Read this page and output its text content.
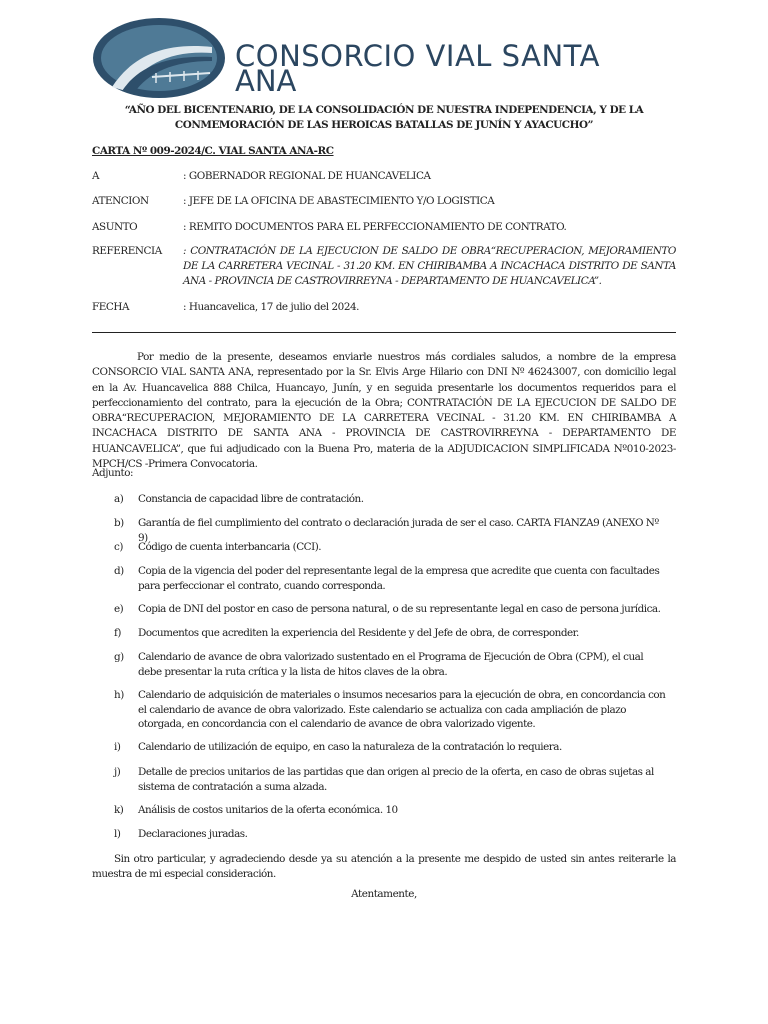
CONSORCIO VIAL SANTA
ANA
“AÑO DEL BICENTENARIO, DE LA CONSOLIDACIÓN DE NUESTRA INDEPENDENCIA, Y DE LA CONMEMORACIÓN DE LAS HEROICAS BATALLAS DE JUNÍN Y AYACUCHO”
CARTA Nº 009-2024/C. VIAL SANTA ANA-RC
A	: GOBERNADOR REGIONAL DE HUANCAVELICA
ATENCION	: JEFE DE LA OFICINA DE ABASTECIMIENTO Y/O LOGISTICA
ASUNTO	: REMITO DOCUMENTOS PARA EL PERFECCIONAMIENTO DE CONTRATO.
REFERENCIA : CONTRATACIÓN DE LA EJECUCION DE SALDO DE OBRA“RECUPERACION, MEJORAMIENTO DE LA CARRETERA VECINAL - 31.20 KM. EN CHIRIBAMBA A INCACHACA DISTRITO DE SANTA ANA - PROVINCIA DE CASTROVIRREYNA - DEPARTAMENTO DE HUANCAVELICA”.
FECHA	: Huancavelica, 17 de julio del 2024.
Por medio de la presente, deseamos enviarle nuestros más cordiales saludos, a nombre de la empresa CONSORCIO VIAL SANTA ANA, representado por la Sr. Elvis Arge Hilario con DNI Nº 46243007, con domicilio legal en la Av. Huancavelica 888 Chilca, Huancayo, Junín, y en seguida presentarle los documentos requeridos para el perfeccionamiento del contrato, para la ejecución de la Obra; CONTRATACIÓN DE LA EJECUCION DE SALDO DE OBRA“RECUPERACION, MEJORAMIENTO DE LA CARRETERA VECINAL - 31.20 KM. EN CHIRIBAMBA A INCACHACA DISTRITO DE SANTA ANA - PROVINCIA DE CASTROVIRREYNA - DEPARTAMENTO DE HUANCAVELICA”, que fui adjudicado con la Buena Pro, materia de la ADJUDICACION SIMPLIFICADA Nº010-2023-MPCH/CS -Primera Convocatoria.
Adjunto:
a) Constancia de capacidad libre de contratación.
b) Garantía de fiel cumplimiento del contrato o declaración jurada de ser el caso. CARTA FIANZA9 (ANEXO Nº 9)
c) Código de cuenta interbancaria (CCI).
d) Copia de la vigencia del poder del representante legal de la empresa que acredite que cuenta con facultades para perfeccionar el contrato, cuando corresponda.
e) Copia de DNI del postor en caso de persona natural, o de su representante legal en caso de persona jurídica.
f) Documentos que acrediten la experiencia del Residente y del Jefe de obra, de corresponder.
g) Calendario de avance de obra valorizado sustentado en el Programa de Ejecución de Obra (CPM), el cual debe presentar la ruta crítica y la lista de hitos claves de la obra.
h) Calendario de adquisición de materiales o insumos necesarios para la ejecución de obra, en concordancia con el calendario de avance de obra valorizado. Este calendario se actualiza con cada ampliación de plazo otorgada, en concordancia con el calendario de avance de obra valorizado vigente.
i) Calendario de utilización de equipo, en caso la naturaleza de la contratación lo requiera.
j) Detalle de precios unitarios de las partidas que dan origen al precio de la oferta, en caso de obras sujetas al sistema de contratación a suma alzada.
k) Análisis de costos unitarios de la oferta económica. 10
l) Declaraciones juradas.
Sin otro particular, y agradeciendo desde ya su atención a la presente me despido de usted sin antes reiterarle la muestra de mi especial consideración.
Atentamente,
